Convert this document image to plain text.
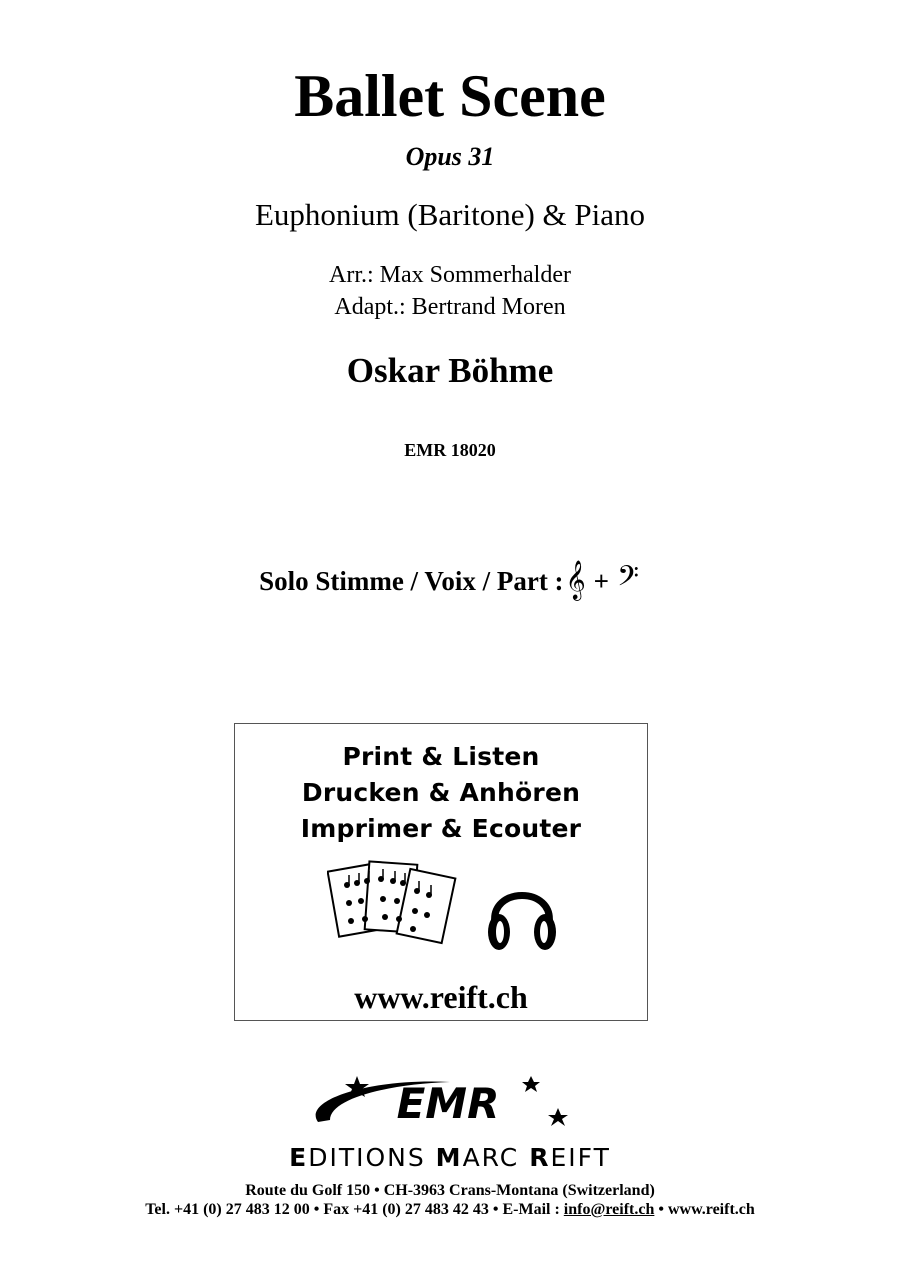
Ballet Scene
Opus 31
Euphonium (Baritone) & Piano
Arr.: Max Sommerhalder
Adapt.: Bertrand Moren
Oskar Böhme
EMR 18020
Solo Stimme / Voix / Part : 𝄞 + 𝄢
Print & Listen
Drucken & Anhören
Imprimer & Ecouter
www.reift.ch
EMR
EDITIONS MARC REIFT
Route du Golf 150 • CH-3963 Crans-Montana (Switzerland)
Tel. +41 (0) 27 483 12 00 • Fax +41 (0) 27 483 42 43 • E-Mail : info@reift.ch • www.reift.ch
